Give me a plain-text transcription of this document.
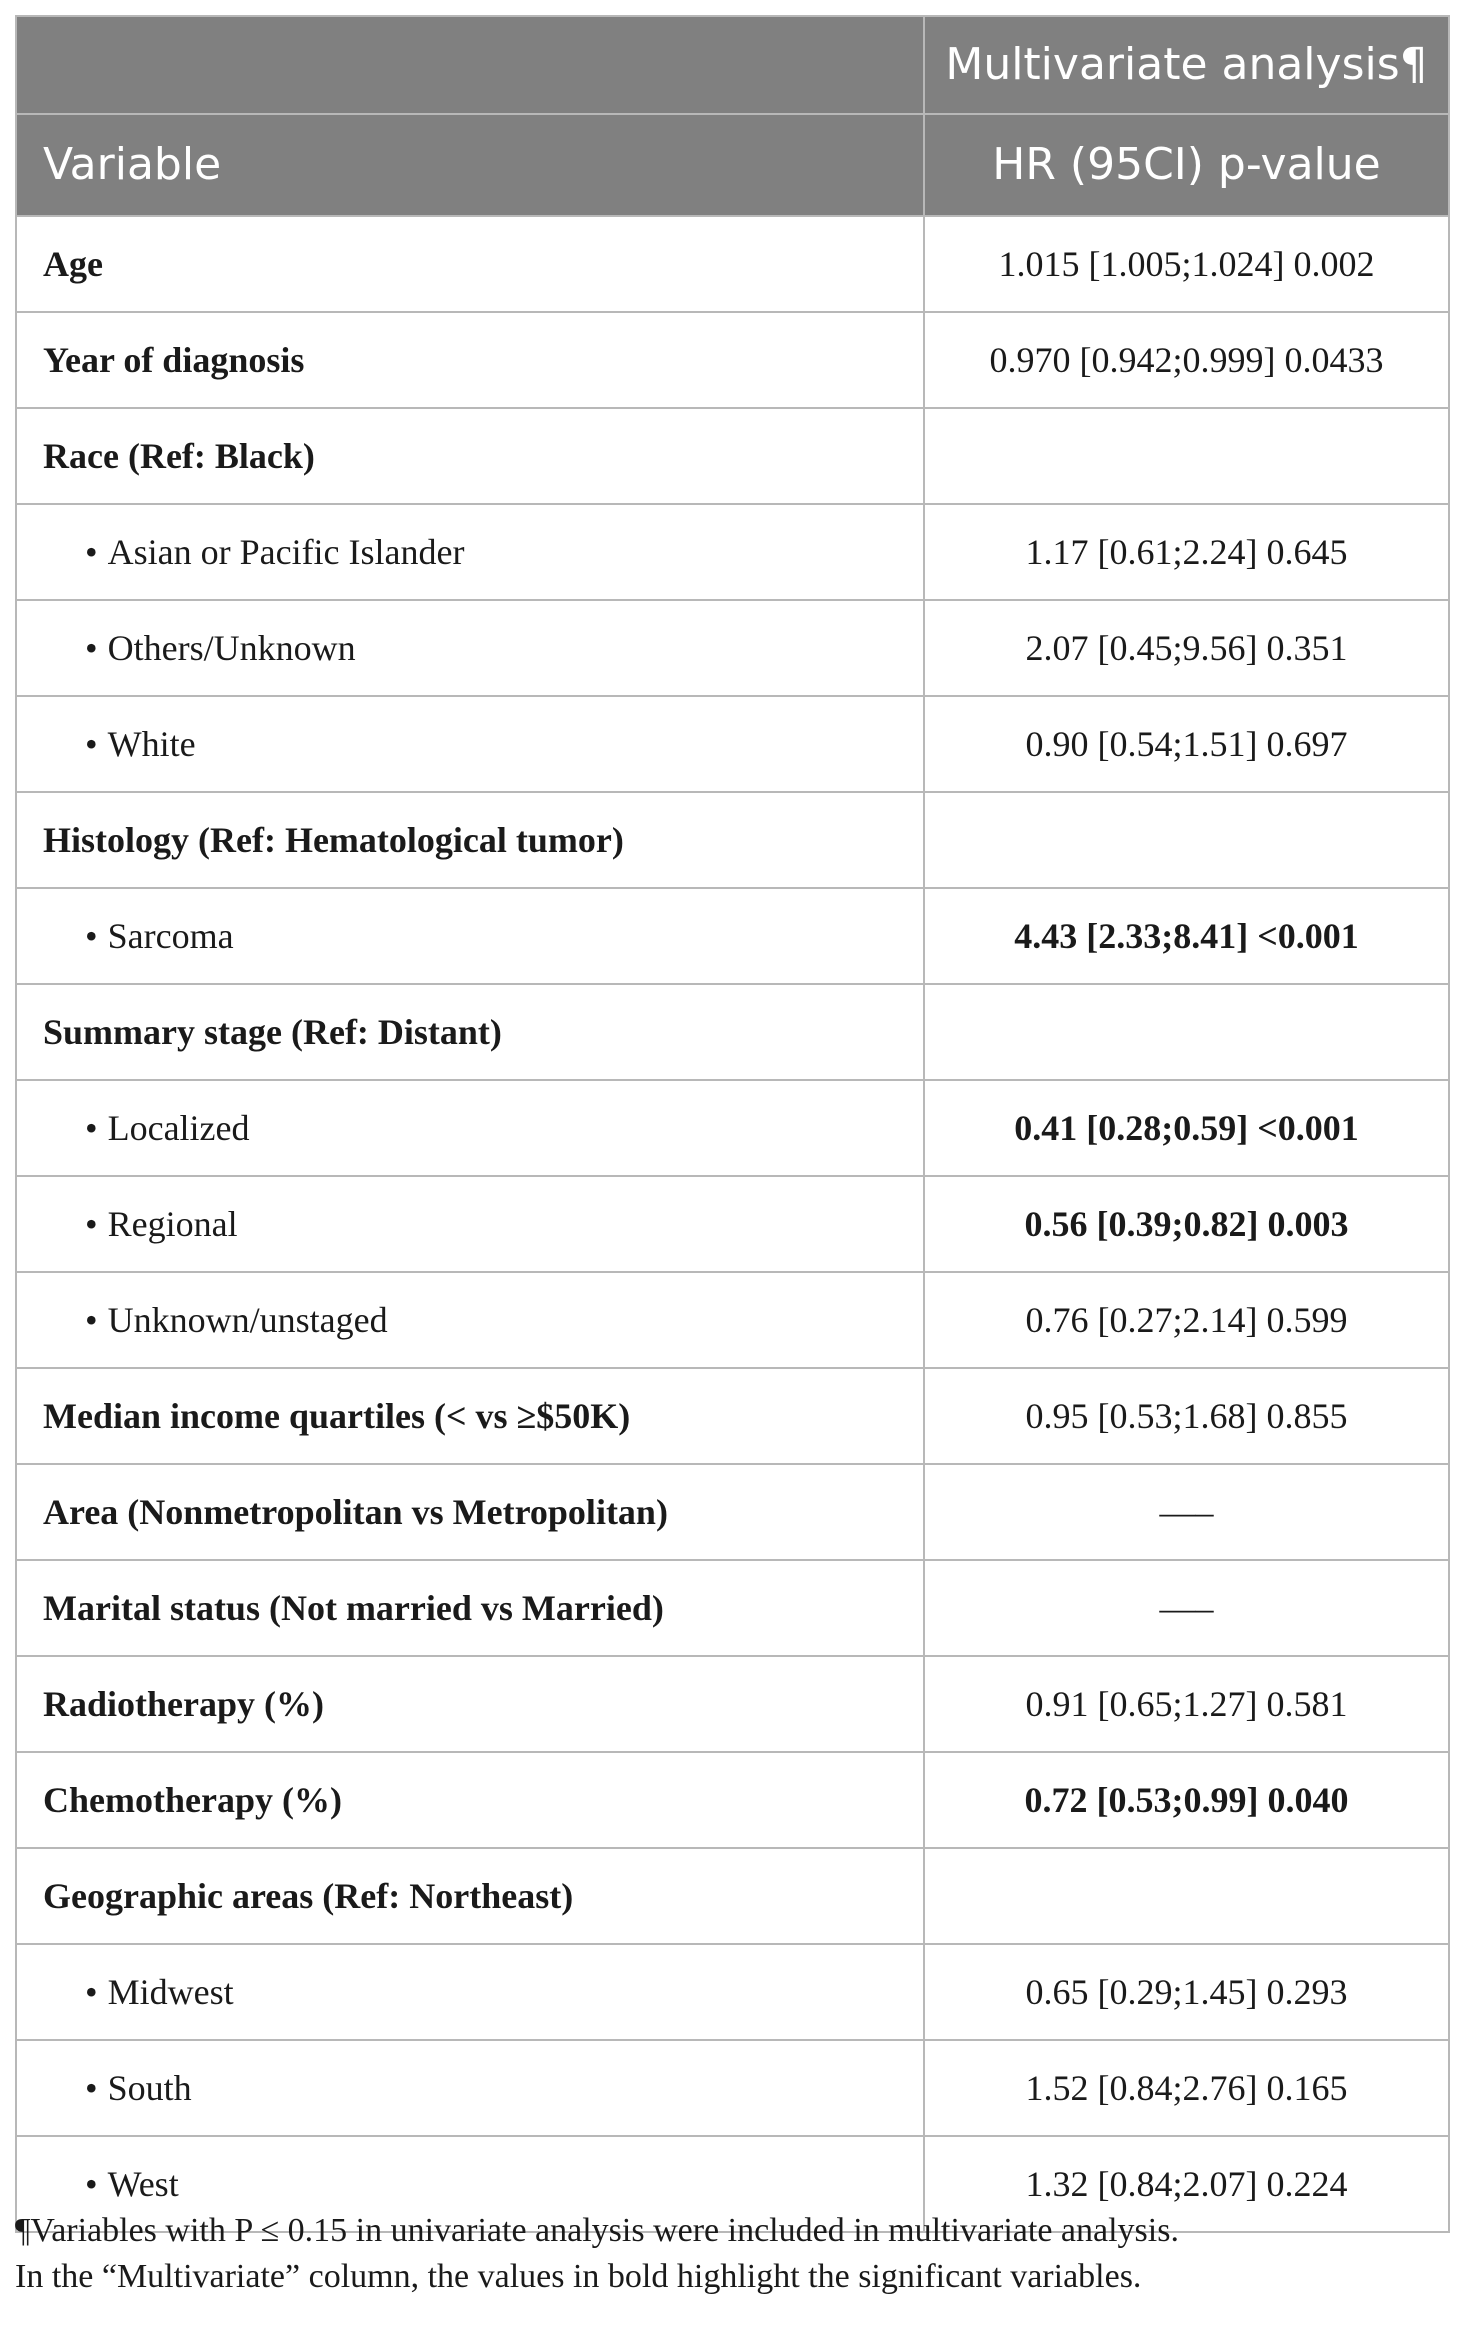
	Multivariate analysis¶
Variable	HR (95CI) p-value
Age	1.015 [1.005;1.024] 0.002
Year of diagnosis	0.970 [0.942;0.999] 0.0433
Race (Ref: Black)	
• Asian or Pacific Islander	1.17 [0.61;2.24] 0.645
• Others/Unknown	2.07 [0.45;9.56] 0.351
• White	0.90 [0.54;1.51] 0.697
Histology (Ref: Hematological tumor)	
• Sarcoma	4.43 [2.33;8.41] <0.001
Summary stage (Ref: Distant)	
• Localized	0.41 [0.28;0.59] <0.001
• Regional	0.56 [0.39;0.82] 0.003
• Unknown/unstaged	0.76 [0.27;2.14] 0.599
Median income quartiles (< vs ≥$50K)	0.95 [0.53;1.68] 0.855
Area (Nonmetropolitan vs Metropolitan)	—–
Marital status (Not married vs Married)	—–
Radiotherapy (%)	0.91 [0.65;1.27] 0.581
Chemotherapy (%)	0.72 [0.53;0.99] 0.040
Geographic areas (Ref: Northeast)	
• Midwest	0.65 [0.29;1.45] 0.293
• South	1.52 [0.84;2.76] 0.165
• West	1.32 [0.84;2.07] 0.224
¶Variables with P ≤ 0.15 in univariate analysis were included in multivariate analysis.
In the “Multivariate” column, the values in bold highlight the significant variables.
